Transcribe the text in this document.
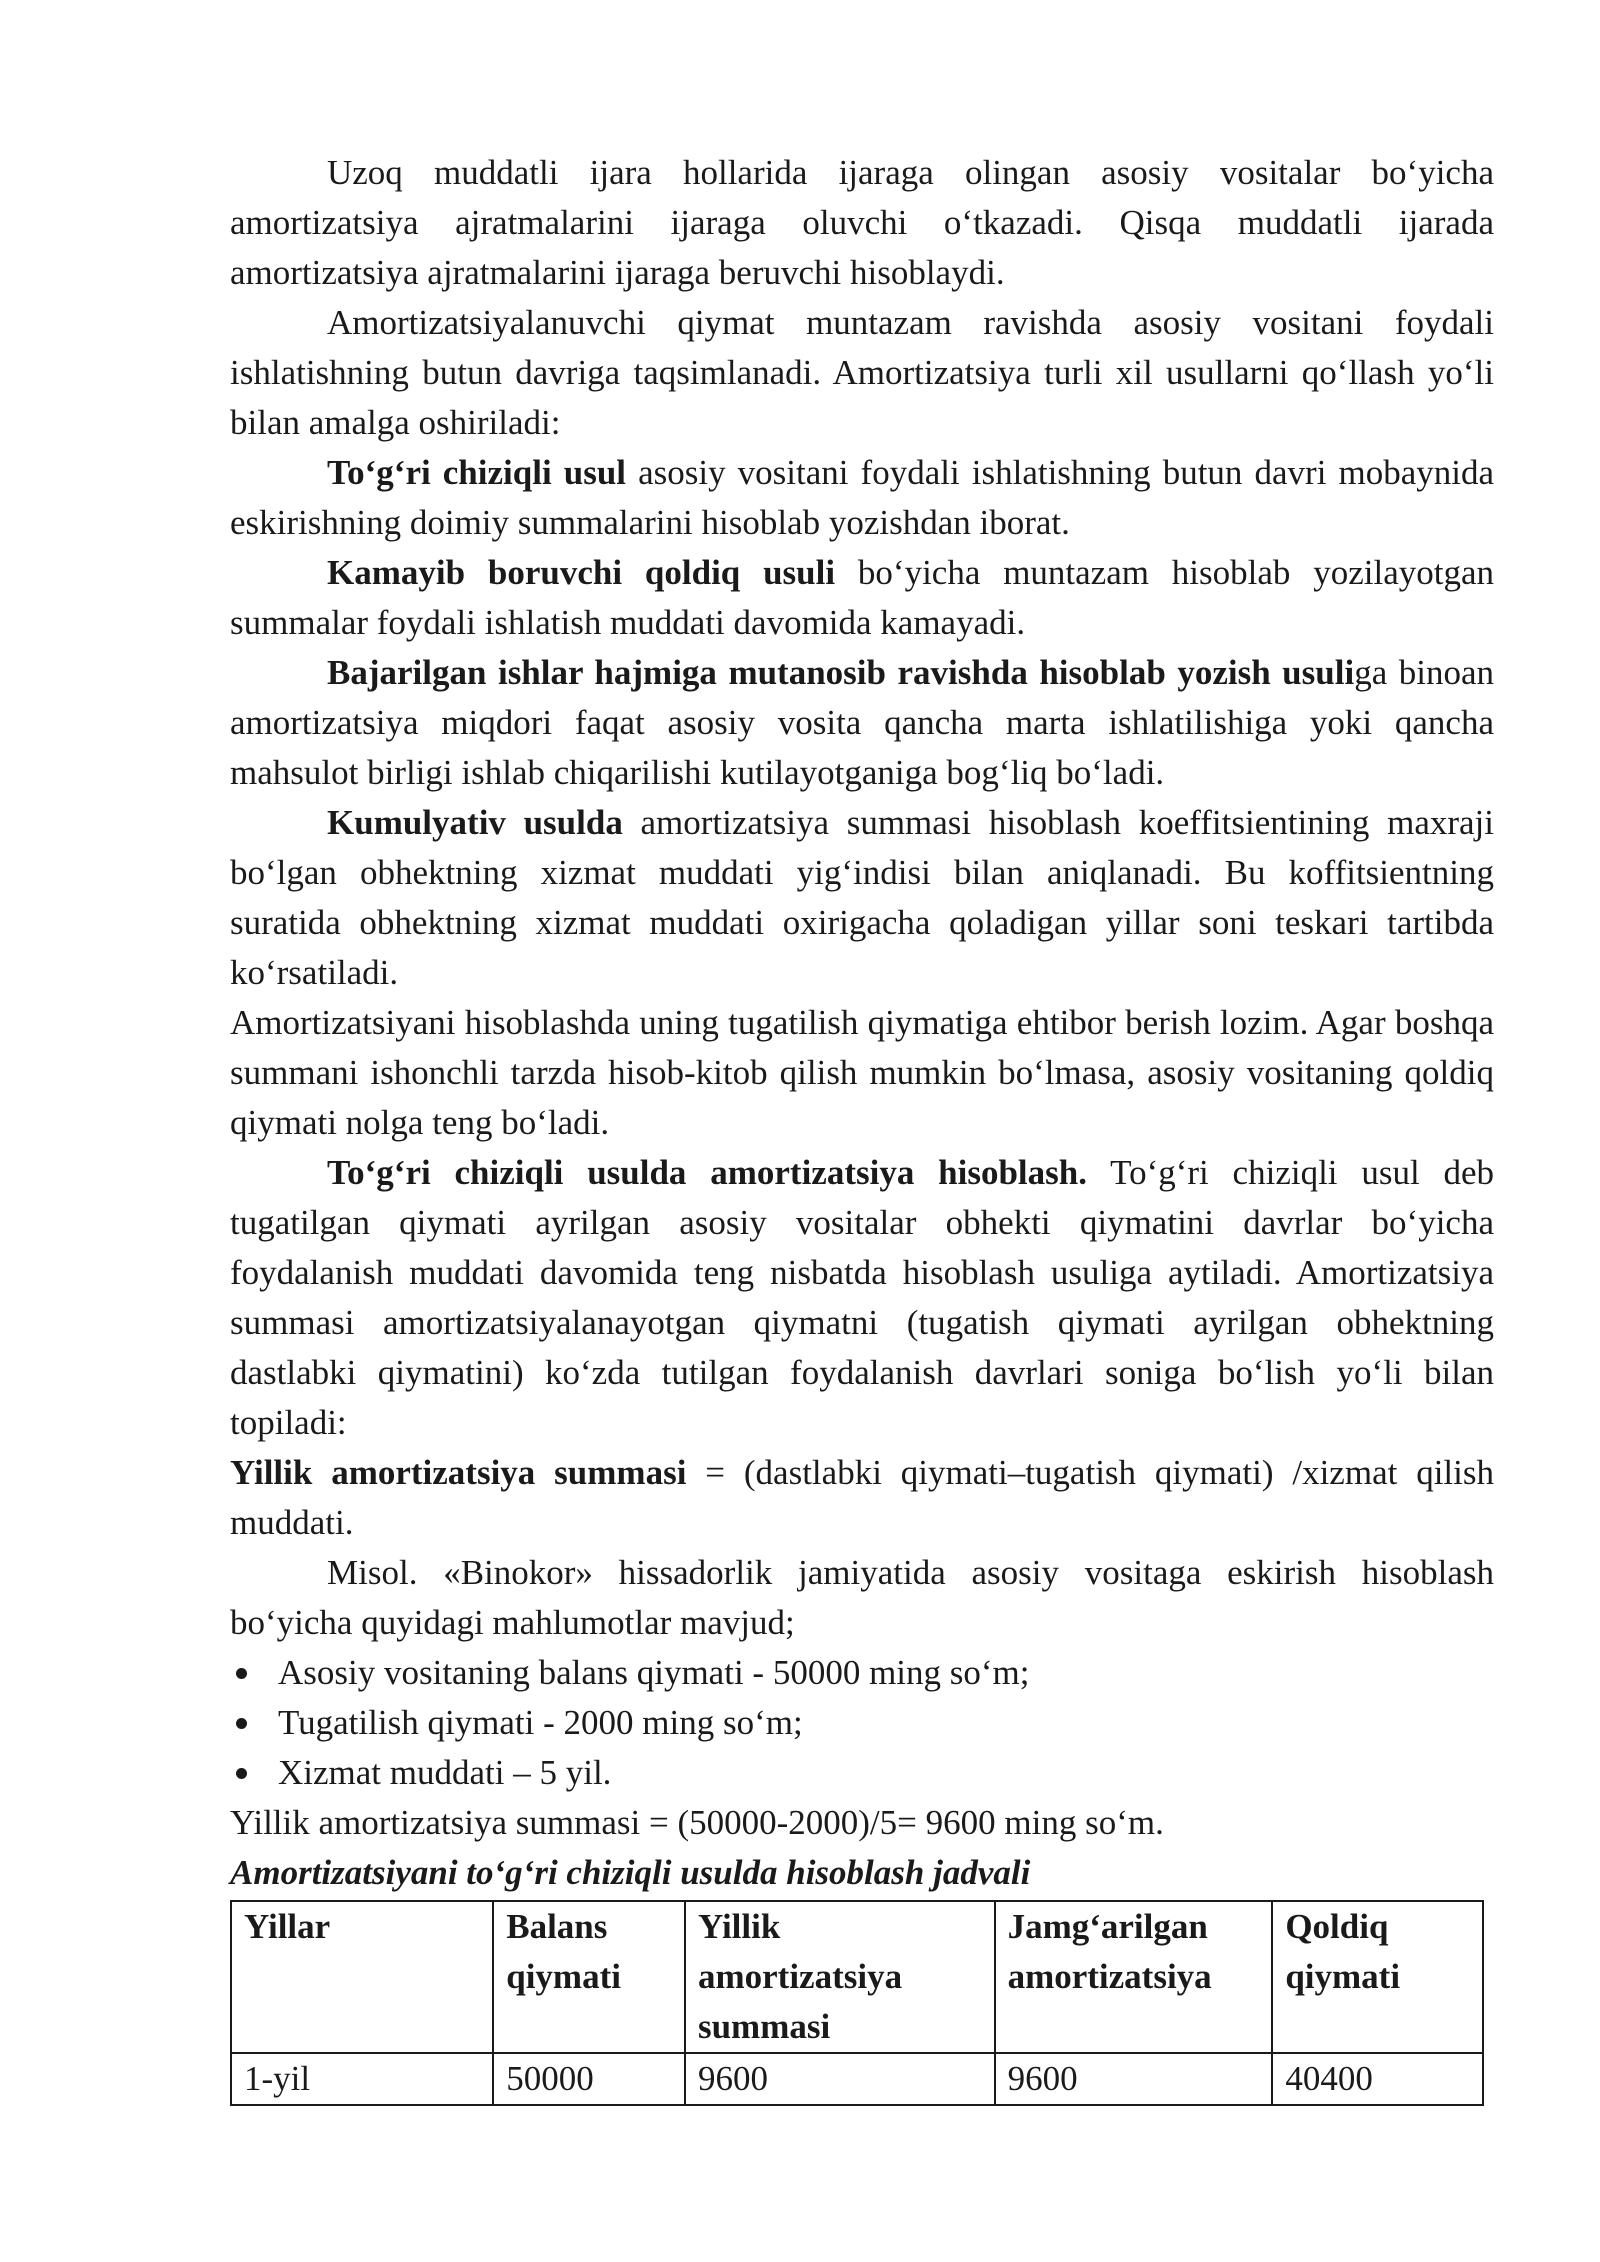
Uzoq muddatli ijara hollarida ijaraga olingan asosiy vositalar bo‘yicha amortizatsiya ajratmalarini ijaraga oluvchi o‘tkazadi. Qisqa muddatli ijarada amortizatsiya ajratmalarini ijaraga beruvchi hisoblaydi.

Amortizatsiyalanuvchi qiymat muntazam ravishda asosiy vositani foydali ishlatishning butun davriga taqsimlanadi. Amortizatsiya turli xil usullarni qo‘llash yo‘li bilan amalga oshiriladi:

To‘g‘ri chiziqli usul asosiy vositani foydali ishlatishning butun davri mobaynida eskirishning doimiy summalarini hisoblab yozishdan iborat.

Kamayib boruvchi qoldiq usuli bo‘yicha muntazam hisoblab yozilayotgan summalar foydali ishlatish muddati davomida kamayadi.

Bajarilgan ishlar hajmiga mutanosib ravishda hisoblab yozish usuliga binoan amortizatsiya miqdori faqat asosiy vosita qancha marta ishlatilishiga yoki qancha mahsulot birligi ishlab chiqarilishi kutilayotganiga bog‘liq bo‘ladi.

Kumulyativ usulda amortizatsiya summasi hisoblash koeffitsientining maxraji bo‘lgan obhektning xizmat muddati yig‘indisi bilan aniqlanadi. Bu koffitsientning suratida obhektning xizmat muddati oxirigacha qoladigan yillar soni teskari tartibda ko‘rsatiladi.

Amortizatsiyani hisoblashda uning tugatilish qiymatiga ehtibor berish lozim. Agar boshqa summani ishonchli tarzda hisob-kitob qilish mumkin bo‘lmasa, asosiy vositaning qoldiq qiymati nolga teng bo‘ladi.

To‘g‘ri chiziqli usulda amortizatsiya hisoblash. To‘g‘ri chiziqli usul deb tugatilgan qiymati ayrilgan asosiy vositalar obhekti qiymatini davrlar bo‘yicha foydalanish muddati davomida teng nisbatda hisoblash usuliga aytiladi. Amortizatsiya summasi amortizatsiyalanayotgan qiymatni (tugatish qiymati ayrilgan obhektning dastlabki qiymatini) ko‘zda tutilgan foydalanish davrlari soniga bo‘lish yo‘li bilan topiladi:

Yillik amortizatsiya summasi = (dastlabki qiymati–tugatish qiymati) /xizmat qilish muddati.

Misol. «Binokor» hissadorlik jamiyatida asosiy vositaga eskirish hisoblash bo‘yicha quyidagi mahlumotlar mavjud;

Asosiy vositaning balans qiymati - 50000 ming so‘m;
Tugatilish qiymati - 2000 ming so‘m;
Xizmat muddati – 5 yil.

Yillik amortizatsiya summasi = (50000-2000)/5= 9600 ming so‘m.

Amortizatsiyani to‘g‘ri chiziqli usulda hisoblash jadvali

Yillar	Balans qiymati	Yillik amortizatsiya summasi	Jamg‘arilgan amortizatsiya	Qoldiq qiymati
1-yil	50000	9600	9600	40400
